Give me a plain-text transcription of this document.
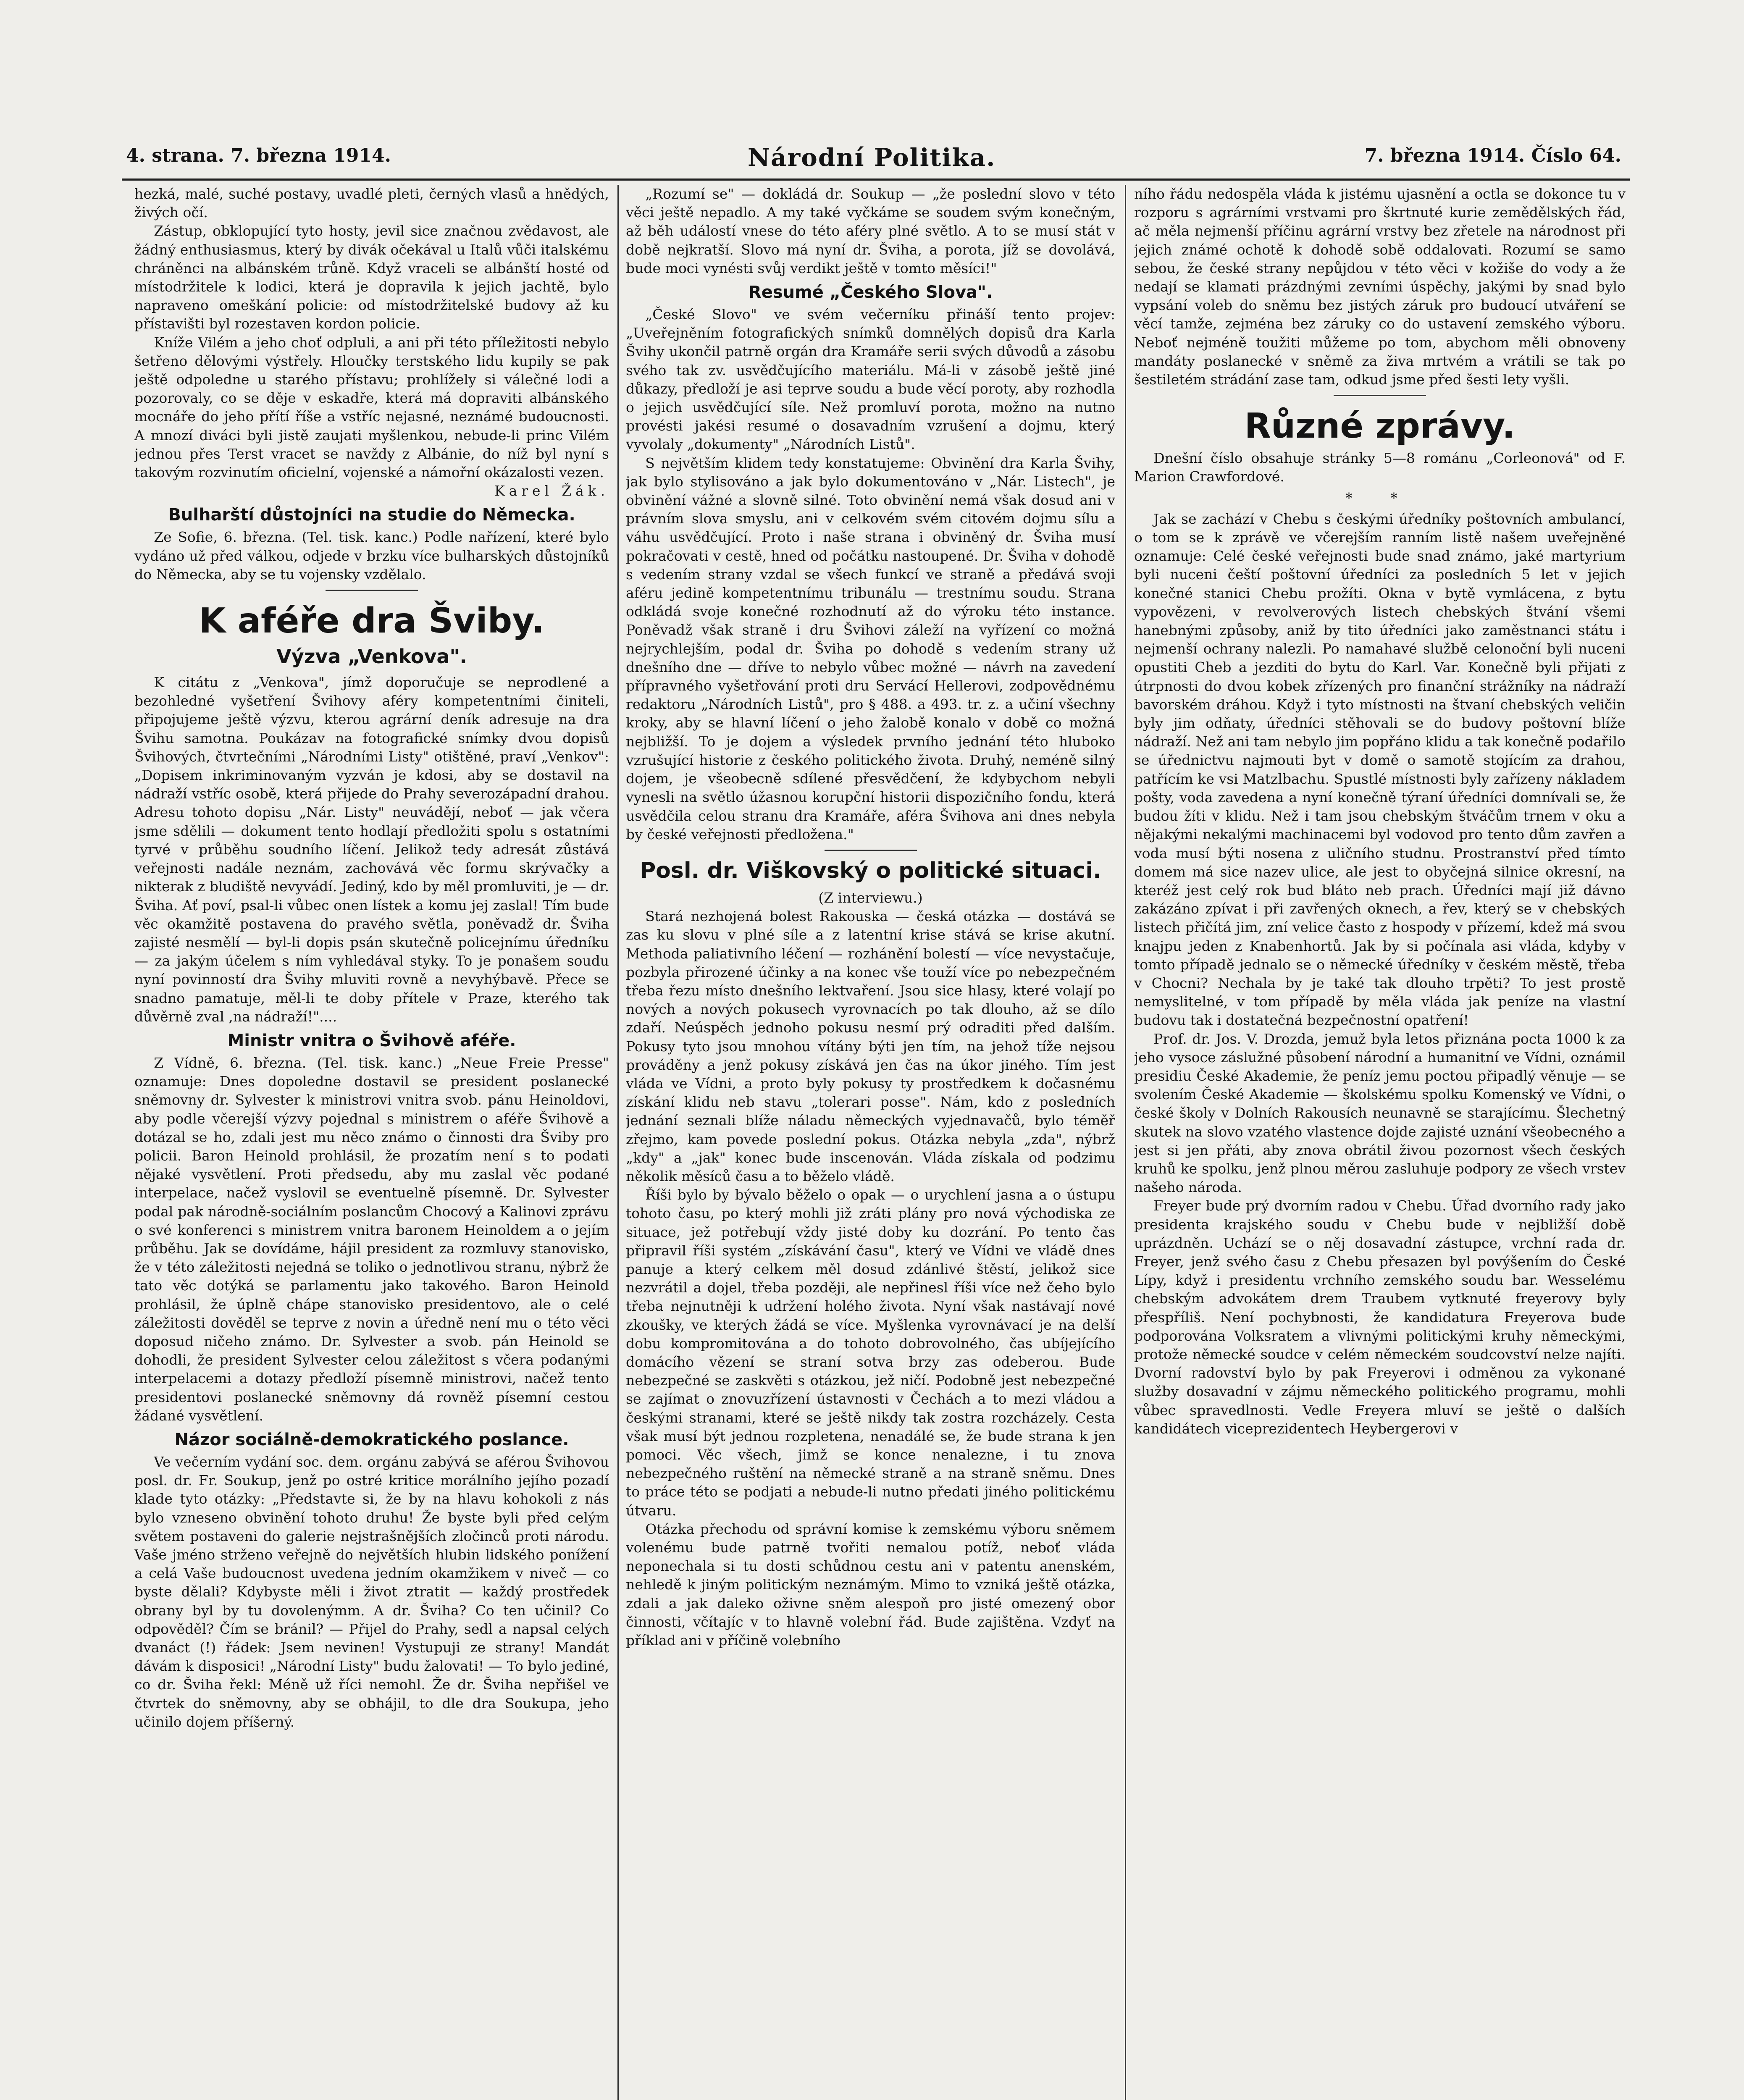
4. strana. 7. března 1914.	Národní Politika.	7. března 1914. Číslo 64.

hezká, malé, suché postavy, uvadlé pleti, černých vlasů a hnědých, živých očí.

Zástup, obklopující tyto hosty, jevil sice značnou zvědavost, ale žádný enthusiasmus, který by divák očekával u Italů vůči italskému chráněnci na albánském trůně. Když vraceli se albánští hosté od místodržitele k lodici, která je dopravila k jejich jachtě, bylo napraveno omeškání policie: od místodržitelské budovy až ku přístavišti byl rozestaven kordon policie.

Kníže Vilém a jeho choť odpluli, a ani při této příležitosti nebylo šetřeno dělovými výstřely. Hloučky terstského lidu kupily se pak ještě odpoledne u starého přístavu; prohlížely si válečné lodi a pozorovaly, co se děje v eskadře, která má dopraviti albánského mocnáře do jeho přítí říše a vstříc nejasné, neznámé budoucnosti. A mnozí diváci byli jistě zaujati myšlenkou, nebude-li princ Vilém jednou přes Terst vracet se navždy z Albánie, do níž byl nyní s takovým rozvinutím oficielní, vojenské a námořní okázalosti vezen.

Karel Žák.
Bulharští důstojníci na studie do Německa.

Ze Sofie, 6. března. (Tel. tisk. kanc.) Podle nařízení, které bylo vydáno už před válkou, odjede v brzku více bulharských důstojníků do Německa, aby se tu vojensky vzdělalo.

K aféře dra Šviby.
Výzva „Venkova".

K citátu z „Venkova", jímž doporučuje se neprodlené a bezohledné vyšetření Švihovy aféry kompetentními činiteli, připojujeme ještě výzvu, kterou agrární deník adresuje na dra Švihu samotna. Poukázav na fotografické snímky dvou dopisů Švihových, čtvrtečními „Národními Listy" otištěné, praví „Venkov": „Dopisem inkriminovaným vyzván je kdosi, aby se dostavil na nádraží vstříc osobě, která přijede do Prahy severozápadní drahou. Adresu tohoto dopisu „Nár. Listy" neuvádějí, neboť — jak včera jsme sdělili — dokument tento hodlají předložiti spolu s ostatními tyrvé v průběhu soudního líčení. Jelikož tedy adresát zůstává veřejnosti nadále neznám, zachovává věc formu skrývačky a nikterak z bludiště nevyvádí. Jediný, kdo by měl promluviti, je — dr. Šviha. Ať poví, psal-li vůbec onen lístek a komu jej zaslal! Tím bude věc okamžitě postavena do pravého světla, poněvadž dr. Šviha zajisté nesmělí — byl-li dopis psán skutečně policejnímu úředníku — za jakým účelem s ním vyhledával styky. To je ponašem soudu nyní povinností dra Švihy mluviti rovně a nevyhýbavě. Přece se snadno pamatuje, měl-li te doby přítele v Praze, kterého tak důvěrně zval ,na nádraží!"....

Ministr vnitra o Švihově aféře.

Z Vídně, 6. března. (Tel. tisk. kanc.) „Neue Freie Presse" oznamuje: Dnes dopoledne dostavil se president poslanecké sněmovny dr. Sylvester k ministrovi vnitra svob. pánu Heinoldovi, aby podle včerejší výzvy pojednal s ministrem o aféře Švihově a dotázal se ho, zdali jest mu něco známo o činnosti dra Šviby pro policii. Baron Heinold prohlásil, že prozatím není s to podati nějaké vysvětlení. Proti předsedu, aby mu zaslal věc podané interpelace, načež vyslovil se eventuelně písemně. Dr. Sylvester podal pak národně-sociálním poslancům Chocový a Kalinovi zprávu o své konferenci s ministrem vnitra baronem Heinoldem a o jejím průběhu. Jak se dovídáme, hájil president za rozmluvy stanovisko, že v této záležitosti nejedná se toliko o jednotlivou stranu, nýbrž že tato věc dotýká se parlamentu jako takového. Baron Heinold prohlásil, že úplně chápe stanovisko presidentovo, ale o celé záležitosti dověděl se teprve z novin a úředně není mu o této věci doposud ničeho známo. Dr. Sylvester a svob. pán Heinold se dohodli, že president Sylvester celou záležitost s včera podanými interpelacemi a dotazy předloží písemně ministrovi, načež tento presidentovi poslanecké sněmovny dá rovněž písemní cestou žádané vysvětlení.

Názor sociálně-demokratického poslance.

Ve večerním vydání soc. dem. orgánu zabývá se aférou Švihovou posl. dr. Fr. Soukup, jenž po ostré kritice morálního jejího pozadí klade tyto otázky: „Představte si, že by na hlavu kohokoli z nás bylo vzneseno obvinění tohoto druhu! Že byste byli před celým světem postaveni do galerie nejstrašnějších zločinců proti národu. Vaše jméno strženo veřejně do největších hlubin lidského ponížení a celá Vaše budoucnost uvedena jedním okamžikem v niveč — co byste dělali? Kdybyste měli i život ztratit — každý prostředek obrany byl by tu dovolenýmm. A dr. Šviha? Co ten učinil? Co odpověděl? Čím se bránil? — Přijel do Prahy, sedl a napsal celých dvanáct (!) řádek: Jsem nevinen! Vystupuji ze strany! Mandát dávám k disposici! „Národní Listy" budu žalovati! — To bylo jediné, co dr. Šviha řekl: Méně už říci nemohl. Že dr. Šviha nepřišel ve čtvrtek do sněmovny, aby se obhájil, to dle dra Soukupa, jeho učinilo dojem příšerný.

„Rozumí se" — dokládá dr. Soukup — „že poslední slovo v této věci ještě nepadlo. A my také vyčkáme se soudem svým konečným, až běh událostí vnese do této aféry plné světlo. A to se musí stát v době nejkratší. Slovo má nyní dr. Šviha, a porota, jíž se dovolává, bude moci vynésti svůj verdikt ještě v tomto měsíci!"

Resumé „Českého Slova".

„České Slovo" ve svém večerníku přináší tento projev: „Uveřejněním fotografických snímků domnělých dopisů dra Karla Švihy ukončil patrně orgán dra Kramáře serii svých důvodů a zásobu svého tak zv. usvědčujícího materiálu. Má-li v zásobě ještě jiné důkazy, předloží je asi teprve soudu a bude věcí poroty, aby rozhodla o jejich usvědčující síle. Než promluví porota, možno na nutno provésti jakési resumé o dosavadním vzrušení a dojmu, který vyvolaly „dokumenty" „Národních Listů".

S největším klidem tedy konstatujeme: Obvinění dra Karla Švihy, jak bylo stylisováno a jak bylo dokumentováno v „Nár. Listech", je obvinění vážné a slovně silné. Toto obvinění nemá však dosud ani v právním slova smyslu, ani v celkovém svém citovém dojmu sílu a váhu usvědčující. Proto i naše strana i obviněný dr. Šviha musí pokračovati v cestě, hned od počátku nastoupené. Dr. Šviha v dohodě s vedením strany vzdal se všech funkcí ve straně a předává svoji aféru jedině kompetentnímu tribunálu — trestnímu soudu. Strana odkládá svoje konečné rozhodnutí až do výroku této instance. Poněvadž však straně i dru Švihovi záleží na vyřízení co možná nejrychlejším, podal dr. Šviha po dohodě s vedením strany už dnešního dne — dříve to nebylo vůbec možné — návrh na zavedení přípravného vyšetřování proti dru Servácí Hellerovi, zodpovědnému redaktoru „Národních Listů", pro § 488. a 493. tr. z. a učiní všechny kroky, aby se hlavní líčení o jeho žalobě konalo v době co možná nejbližší. To je dojem a výsledek prvního jednání této hluboko vzrušující historie z českého politického života. Druhý, neméně silný dojem, je všeobecně sdílené přesvědčení, že kdybychom nebyli vynesli na světlo úžasnou korupční historii dispozičního fondu, která usvědčila celou stranu dra Kramáře, aféra Švihova ani dnes nebyla by české veřejnosti předložena."

Posl. dr. Viškovský o politické situaci.
(Z interviewu.)

Stará nezhojená bolest Rakouska — česká otázka — dostává se zas ku slovu v plné síle a z latentní krise stává se krise akutní. Methoda paliativního léčení — rozhánění bolestí — více nevystačuje, pozbyla přirozené účinky a na konec vše touží více po nebezpečném třeba řezu místo dnešního lektvaření. Jsou sice hlasy, které volají po nových a nových pokusech vyrovnacích po tak dlouho, až se dílo zdaří. Neúspěch jednoho pokusu nesmí prý odraditi před dalším. Pokusy tyto jsou mnohou vítány býti jen tím, na jehož tíže nejsou prováděny a jenž pokusy získává jen čas na úkor jiného. Tím jest vláda ve Vídni, a proto byly pokusy ty prostředkem k dočasnému získání klidu neb stavu „tolerari posse". Nám, kdo z posledních jednání seznali blíže náladu německých vyjednavačů, bylo téměř zřejmo, kam povede poslední pokus. Otázka nebyla „zda", nýbrž „kdy" a „jak" konec bude inscenován. Vláda získala od podzimu několik měsíců času a to běželo vládě.

Říši bylo by bývalo běželo o opak — o urychlení jasna a o ústupu tohoto času, po který mohli již zráti plány pro nová východiska ze situace, jež potřebují vždy jisté doby ku dozrání. Po tento čas připravil říši systém „získávání času", který ve Vídni ve vládě dnes panuje a který celkem měl dosud zdánlivé štěstí, jelikož sice nezvrátil a dojel, třeba později, ale nepřinesl říši více než čeho bylo třeba nejnutněji k udržení holého života. Nyní však nastávají nové zkoušky, ve kterých žádá se více. Myšlenka vyrovnávací je na delší dobu kompromitována a do tohoto dobrovolného, čas ubíjejícího domácího vězení se straní sotva brzy zas odeberou. Bude nebezpečné se zaskvěti s otázkou, jež ničí. Podobně jest nebezpečné se zajímat o znovuzřízení ústavnosti v Čechách a to mezi vládou a českými stranami, které se ještě nikdy tak zostra rozcházely. Cesta však musí být jednou rozpletena, nenadálé se, že bude strana k jen pomoci. Věc všech, jimž se konce nenalezne, i tu znova nebezpečného ruštění na německé straně a na straně sněmu. Dnes to práce této se podjati a nebude-li nutno předati jiného politickému útvaru.

Otázka přechodu od správní komise k zemskému výboru sněmem volenému bude patrně tvořiti nemalou potíž, neboť vláda neponechala si tu dosti schůdnou cestu ani v patentu anenském, nehledě k jiným politickým neznámým. Mimo to vzniká ještě otázka, zdali a jak daleko oživne sněm alespoň pro jisté omezený obor činnosti, včítajíc v to hlavně volební řád. Bude zajištěna. Vzdyť na příklad ani v příčině volebního

ního řádu nedospěla vláda k jistému ujasnění a octla se dokonce tu v rozporu s agrárními vrstvami pro škrtnuté kurie zemědělských řád, ač měla nejmenší příčinu agrární vrstvy bez zřetele na národnost při jejich známé ochotě k dohodě sobě oddalovati. Rozumí se samo sebou, že české strany nepůjdou v této věci v kožiše do vody a že nedají se klamati prázdnými zevními úspěchy, jakými by snad bylo vypsání voleb do sněmu bez jistých záruk pro budoucí utváření se věcí tamže, zejména bez záruky co do ustavení zemského výboru. Neboť nejméně toužiti můžeme po tom, abychom měli obnoveny mandáty poslanecké v sněmě za živa mrtvém a vrátili se tak po šestiletém strádání zase tam, odkud jsme před šesti lety vyšli.

Různé zprávy.

Dnešní číslo obsahuje stránky 5—8 románu „Corleonová" od F. Marion Crawfordové.

* *

Jak se zachází v Chebu s českými úředníky poštovních ambulancí, o tom se k zprávě ve včerejším ranním listě našem uveřejněné oznamuje: Celé české veřejnosti bude snad známo, jaké martyrium byli nuceni čeští poštovní úředníci za posledních 5 let v jejich konečné stanici Chebu prožíti. Okna v bytě vymlácena, z bytu vypovězeni, v revolverových listech chebských štvání všemi hanebnými způsoby, aniž by tito úředníci jako zaměstnanci státu i nejmenší ochrany nalezli. Po namahavé službě celonoční byli nuceni opustiti Cheb a jezditi do bytu do Karl. Var. Konečně byli přijati z útrpnosti do dvou kobek zřízených pro finanční strážníky na nádraží bavorském dráhou. Když i tyto místnosti na štvaní chebských veličin byly jim odňaty, úředníci stěhovali se do budovy poštovní blíže nádraží. Než ani tam nebylo jim popřáno klidu a tak konečně podařilo se úřednictvu najmouti byt v domě o samotě stojícím za drahou, patřícím ke vsi Matzlbachu. Spustlé místnosti byly zařízeny nákladem pošty, voda zavedena a nyní konečně týraní úředníci domnívali se, že budou žíti v klidu. Než i tam jsou chebským štváčům trnem v oku a nějakými nekalými machinacemi byl vodovod pro tento dům zavřen a voda musí býti nosena z uličního studnu. Prostranství před tímto domem má sice nazev ulice, ale jest to obyčejná silnice okresní, na kteréž jest celý rok bud bláto neb prach. Úředníci mají již dávno zakázáno zpívat i při zavřených oknech, a řev, který se v chebských listech přičítá jim, zní velice často z hospody v přízemí, kdež má svou knajpu jeden z Knabenhortů. Jak by si počínala asi vláda, kdyby v tomto případě jednalo se o německé úředníky v českém městě, třeba v Chocni? Nechala by je také tak dlouho trpěti? To jest prostě nemyslitelné, v tom případě by měla vláda jak peníze na vlastní budovu tak i dostatečná bezpečnostní opatření!

Prof. dr. Jos. V. Drozda, jemuž byla letos přiznána pocta 1000 k za jeho vysoce záslužné působení národní a humanitní ve Vídni, oznámil presidiu České Akademie, že peníz jemu poctou připadlý věnuje — se svolením České Akademie — školskému spolku Komenský ve Vídni, o české školy v Dolních Rakousích neunavně se starajícímu. Šlechetný skutek na slovo vzatého vlastence dojde zajisté uznání všeobecného a jest si jen přáti, aby znova obrátil živou pozornost všech českých kruhů ke spolku, jenž plnou měrou zasluhuje podpory ze všech vrstev našeho národa.

Freyer bude prý dvorním radou v Chebu. Úřad dvorního rady jako presidenta krajského soudu v Chebu bude v nejbližší době uprázdněn. Uchází se o něj dosavadní zástupce, vrchní rada dr. Freyer, jenž svého času z Chebu přesazen byl povýšením do České Lípy, když i presidentu vrchního zemského soudu bar. Wesselému chebským advokátem drem Traubem vytknuté freyerovy byly přespříliš. Není pochybnosti, že kandidatura Freyerova bude podporována Volksratem a vlivnými politickými kruhy německými, protože německé soudce v celém německém soudcovství nelze najíti. Dvorní radovství bylo by pak Freyerovi i odměnou za vykonané služby dosavadní v zájmu německého politického programu, mohli vůbec spravedlnosti. Vedle Freyera mluví se ještě o dalších kandidátech viceprezidentech Heybergerovi v
